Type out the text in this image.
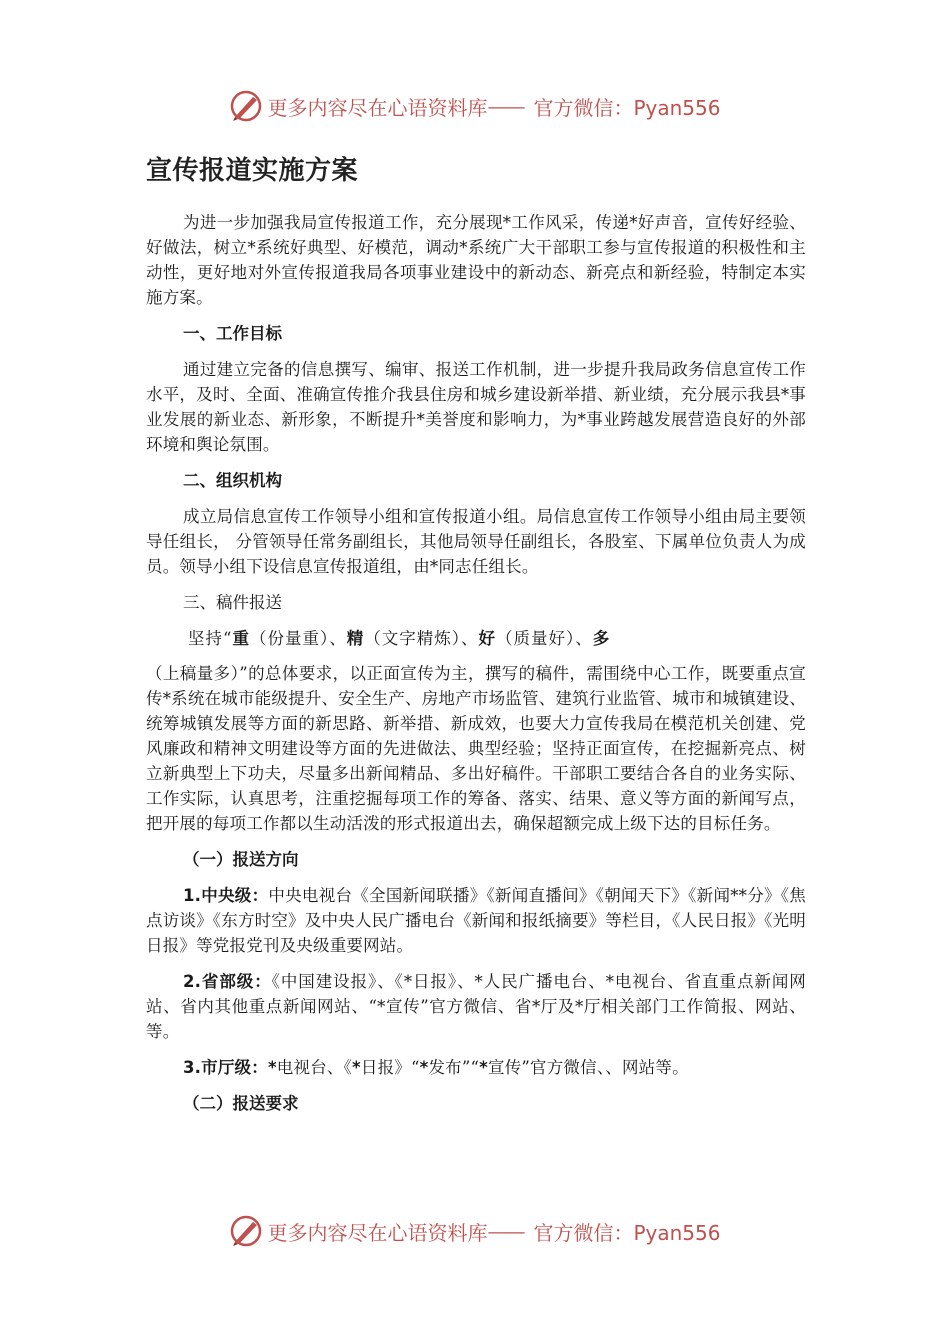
更多内容尽在心语资料库 —— 官方微信：Pyan556
宣传报道实施方案

为进一步加强我局宣传报道工作，充分展现*工作风采，传递*好声音，宣传好经验、好做法，树立*系统好典型、好模范，调动*系统广大干部职工参与宣传报道的积极性和主动性，更好地对外宣传报道我局各项事业建设中的新动态、新亮点和新经验，特制定本实施方案。

一、工作目标

通过建立完备的信息撰写、编审、报送工作机制，进一步提升我局政务信息宣传工作水平，及时、全面、准确宣传推介我县住房和城乡建设新举措、新业绩，充分展示我县*事业发展的新业态、新形象，不断提升*美誉度和影响力，为*事业跨越发展营造良好的外部环境和舆论氛围。

二、组织机构

成立局信息宣传工作领导小组和宣传报道小组。局信息宣传工作领导小组由局主要领导任组长， 分管领导任常务副组长，其他局领导任副组长，各股室、下属单位负责人为成员。领导小组下设信息宣传报道组，由*同志任组长。

三、稿件报送

坚持“重（份量重）、精（文字精炼）、好（质量好）、多

（上稿量多）”的总体要求，以正面宣传为主，撰写的稿件，需围绕中心工作，既要重点宣传*系统在城市能级提升、安全生产、房地产市场监管、建筑行业监管、城市和城镇建设、统筹城镇发展等方面的新思路、新举措、新成效，也要大力宣传我局在模范机关创建、党风廉政和精神文明建设等方面的先进做法、典型经验；坚持正面宣传，在挖掘新亮点、树立新典型上下功夫，尽量多出新闻精品、多出好稿件。干部职工要结合各自的业务实际、工作实际，认真思考，注重挖掘每项工作的筹备、落实、结果、意义等方面的新闻写点，把开展的每项工作都以生动活泼的形式报道出去，确保超额完成上级下达的目标任务。

（一）报送方向

1.中央级：中央电视台《全国新闻联播》《新闻直播间》《朝闻天下》《新闻**分》《焦点访谈》《东方时空》及中央人民广播电台《新闻和报纸摘要》等栏目，《人民日报》《光明日报》等党报党刊及央级重要网站。

2.省部级：《中国建设报》、《*日报》、*人民广播电台、*电视台、省直重点新闻网站、省内其他重点新闻网站、“*宣传”官方微信、省*厅及*厅相关部门工作简报、网站、等。

3.市厅级：*电视台、《*日报》“*发布”“*宣传”官方微信、、网站等。

（二）报送要求

更多内容尽在心语资料库 —— 官方微信：Pyan556
